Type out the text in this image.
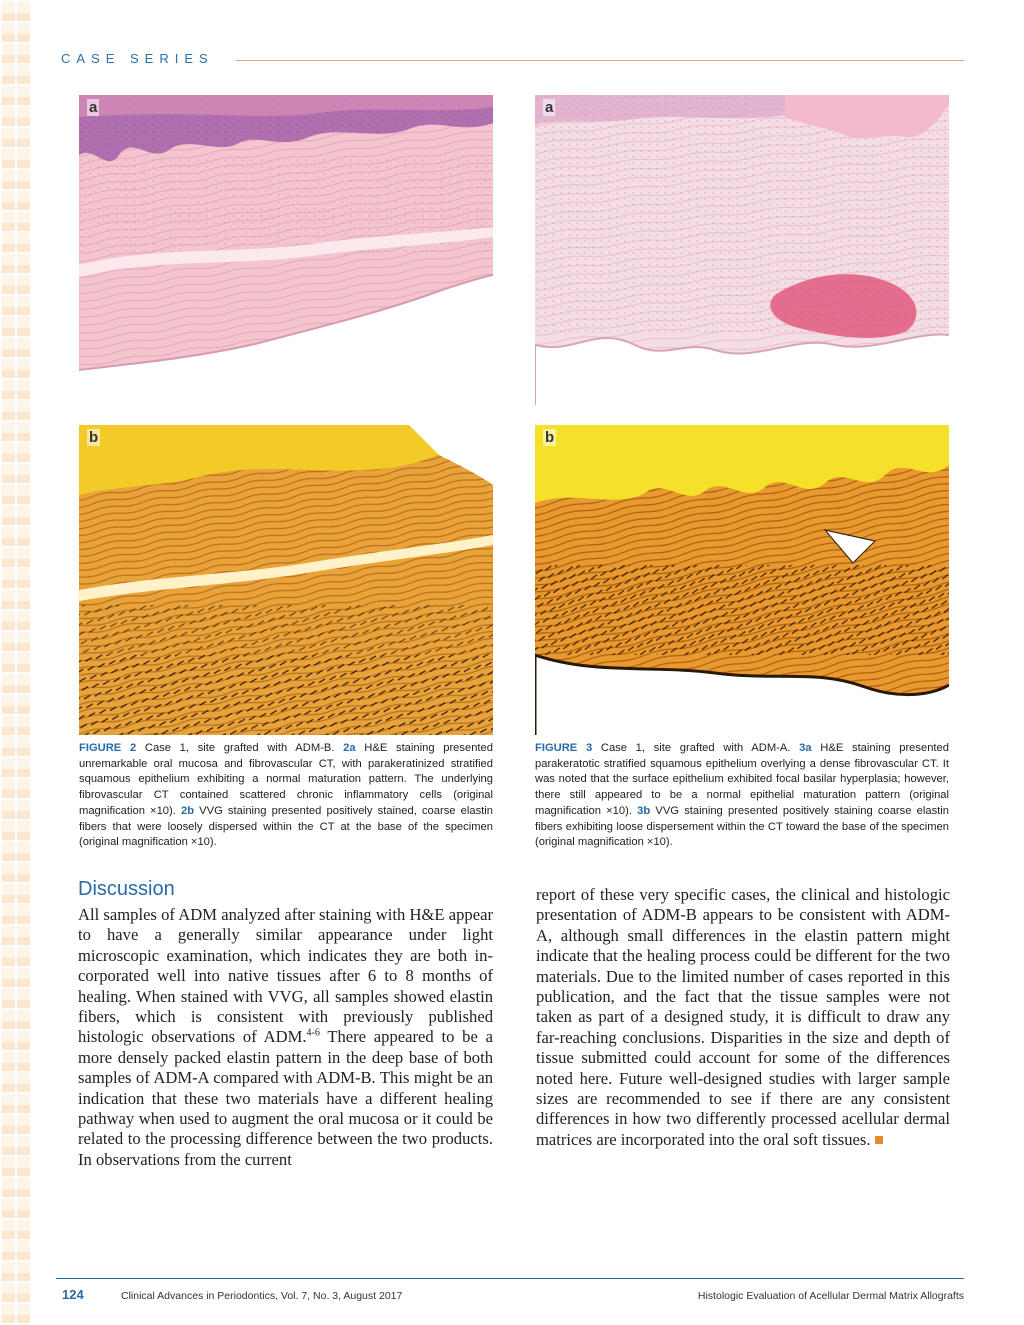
CASE SERIES
a	a
b	b
FIGURE 2 Case 1, site grafted with ADM-B. 2a H&E staining presented unremarkable oral mucosa and fibrovascular CT, with parakeratinized stratified squamous epithelium exhibiting a normal maturation pattern. The underlying fibrovascular CT contained scattered chronic inflammatory cells (original magnification ×10). 2b VVG staining presented positively stained, coarse elastin fibers that were loosely dispersed within the CT at the base of the specimen (original magnification ×10).
FIGURE 3 Case 1, site grafted with ADM-A. 3a H&E staining presented parakeratotic stratified squamous epithelium overlying a dense fibrovascular CT. It was noted that the surface epithelium exhibited focal basilar hyperplasia; however, there still appeared to be a normal epithelial maturation pattern (original magnification ×10). 3b VVG staining presented positively staining coarse elastin fibers exhibiting loose dispersement within the CT toward the base of the specimen (original magnification ×10).
Discussion

All samples of ADM analyzed after staining with H&E appear to have a generally similar appearance under light microscopic examination, which indicates they are both incorporated well into native tissues after 6 to 8 months of healing. When stained with VVG, all samples showed elastin fibers, which is consistent with previously published histologic observations of ADM.$^{4-6}$ There appeared to be a more densely packed elastin pattern in the deep base of both samples of ADM-A compared with ADM-B. This might be an indication that these two materials have a different healing pathway when used to augment the oral mucosa or it could be related to the processing difference between the two products. In observations from the current

report of these very specific cases, the clinical and histologic presentation of ADM-B appears to be consistent with ADM-A, although small differences in the elastin pattern might indicate that the healing process could be different for the two materials. Due to the limited number of cases reported in this publication, and the fact that the tissue samples were not taken as part of a designed study, it is difficult to draw any far-reaching conclusions. Disparities in the size and depth of tissue submitted could account for some of the differences noted here. Future well-designed studies with larger sample sizes are recommended to see if there are any consistent differences in how two differently processed acellular dermal matrices are incorporated into the oral soft tissues.

124	Clinical Advances in Periodontics, Vol. 7, No. 3, August 2017	Histologic Evaluation of Acellular Dermal Matrix Allografts
